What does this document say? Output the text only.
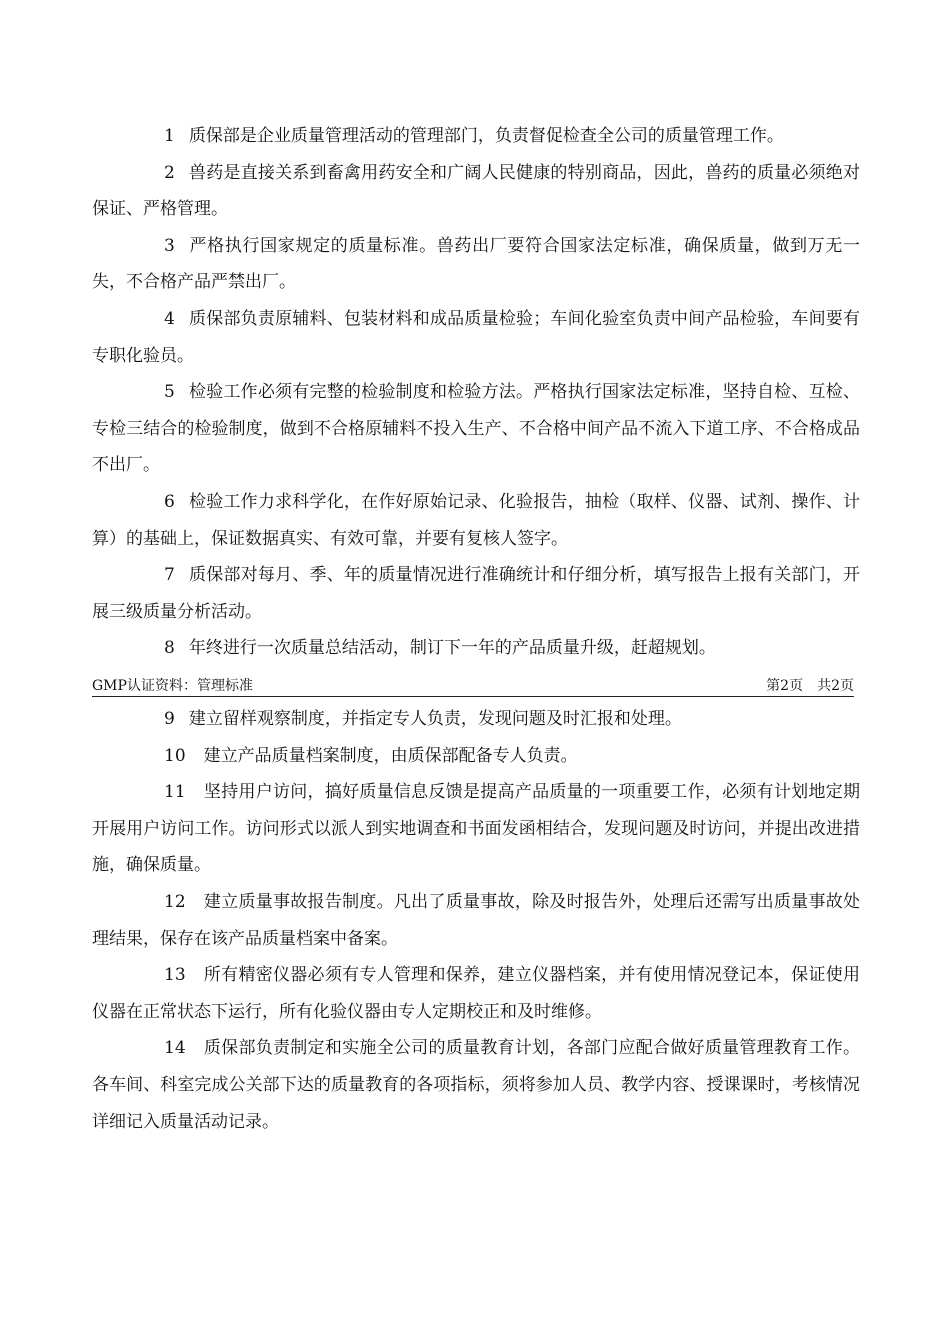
1 质保部是企业质量管理活动的管理部门，负责督促检查全公司的质量管理工作。

2 兽药是直接关系到畜禽用药安全和广阔人民健康的特别商品，因此，兽药的质量必须绝对保证、严格管理。

3 严格执行国家规定的质量标准。兽药出厂要符合国家法定标准，确保质量，做到万无一失，不合格产品严禁出厂。

4 质保部负责原辅料、包装材料和成品质量检验；车间化验室负责中间产品检验，车间要有专职化验员。

5 检验工作必须有完整的检验制度和检验方法。严格执行国家法定标准，坚持自检、互检、专检三结合的检验制度，做到不合格原辅料不投入生产、不合格中间产品不流入下道工序、不合格成品不出厂。

6 检验工作力求科学化，在作好原始记录、化验报告，抽检（取样、仪器、试剂、操作、计算）的基础上，保证数据真实、有效可靠，并要有复核人签字。

7 质保部对每月、季、年的质量情况进行准确统计和仔细分析，填写报告上报有关部门，开展三级质量分析活动。

8 年终进行一次质量总结活动，制订下一年的产品质量升级，赶超规划。

GMP认证资料：管理标准	第2页 共2页

9 建立留样观察制度，并指定专人负责，发现问题及时汇报和处理。

10 建立产品质量档案制度，由质保部配备专人负责。

11 坚持用户访问，搞好质量信息反馈是提高产品质量的一项重要工作，必须有计划地定期开展用户访问工作。访问形式以派人到实地调查和书面发函相结合，发现问题及时访问，并提出改进措施，确保质量。

12 建立质量事故报告制度。凡出了质量事故，除及时报告外，处理后还需写出质量事故处理结果，保存在该产品质量档案中备案。

13 所有精密仪器必须有专人管理和保养，建立仪器档案，并有使用情况登记本，保证使用仪器在正常状态下运行，所有化验仪器由专人定期校正和及时维修。

14 质保部负责制定和实施全公司的质量教育计划，各部门应配合做好质量管理教育工作。各车间、科室完成公关部下达的质量教育的各项指标，须将参加人员、教学内容、授课课时，考核情况详细记入质量活动记录。
